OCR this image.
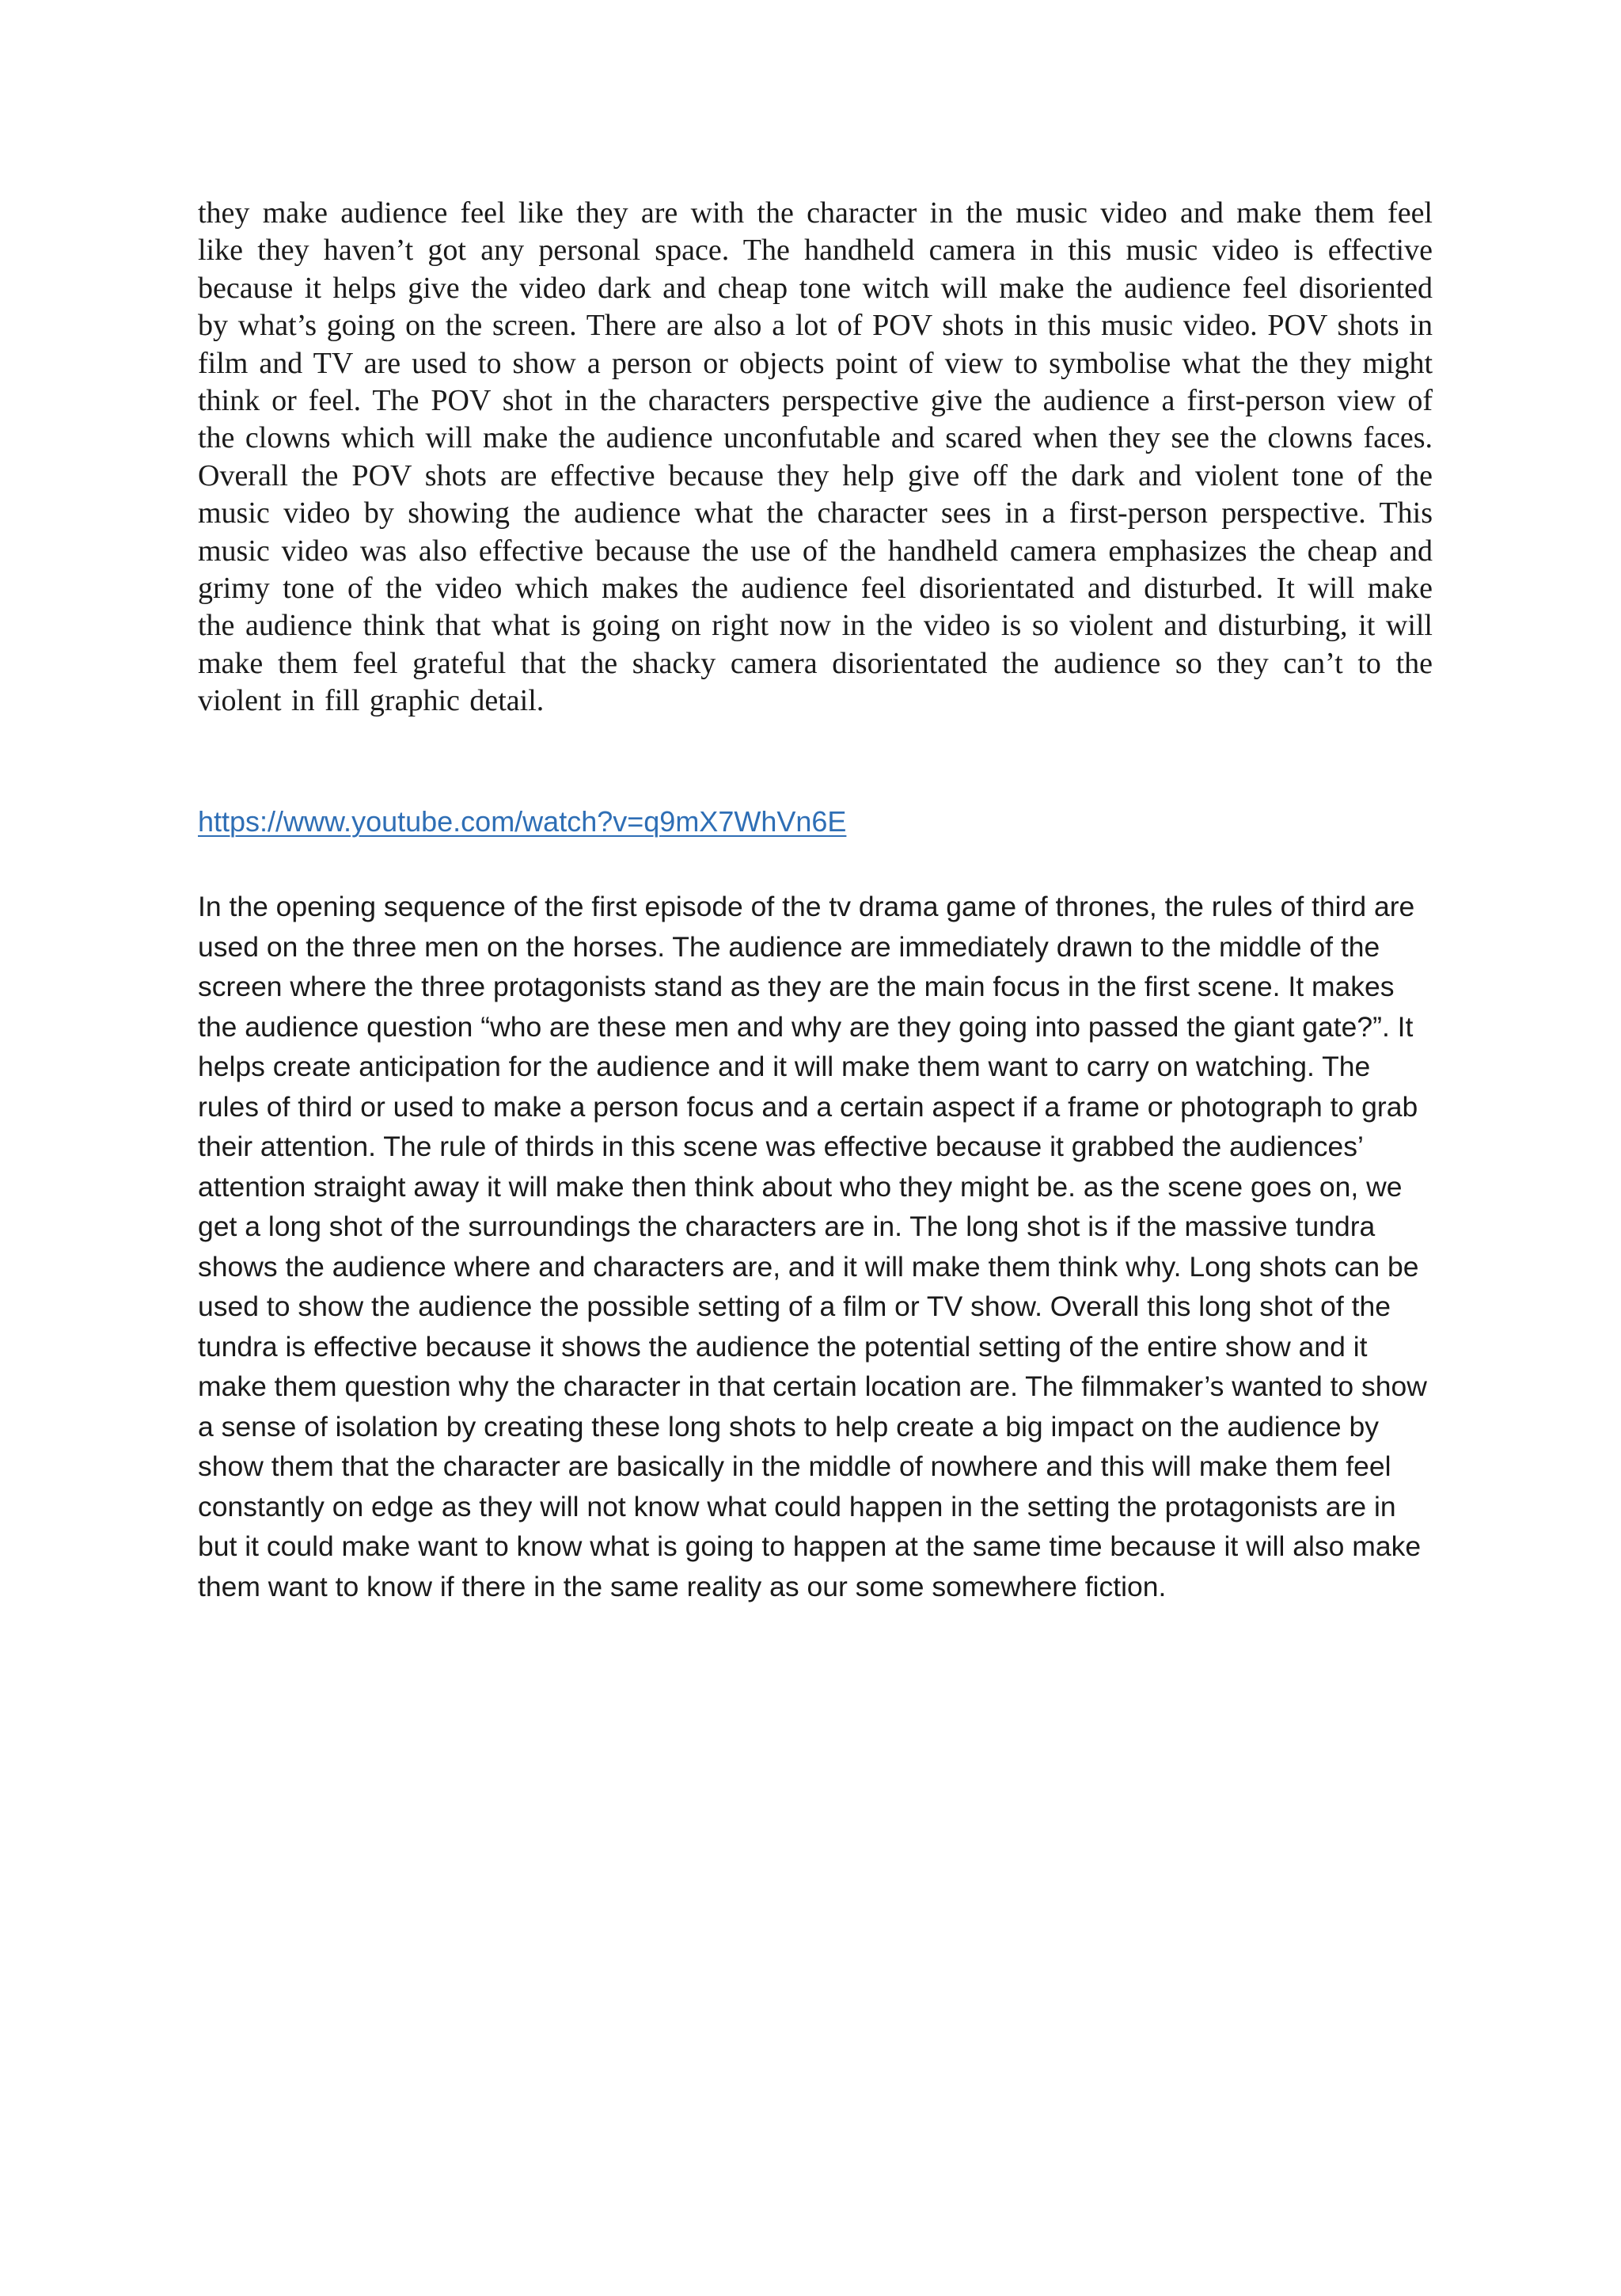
they make audience feel like they are with the character in the music video and make them feel like they haven’t got any personal space. The handheld camera in this music video is effective because it helps give the video dark and cheap tone witch will make the audience feel disoriented by what’s going on the screen. There are also a lot of POV shots in this music video. POV shots in film and TV are used to show a person or objects point of view to symbolise what the they might think or feel. The POV shot in the characters perspective give the audience a first-person view of the clowns which will make the audience unconfutable and scared when they see the clowns faces. Overall the POV shots are effective because they help give off the dark and violent tone of the music video by showing the audience what the character sees in a first-person perspective. This music video was also effective because the use of the handheld camera emphasizes the cheap and grimy tone of the video which makes the audience feel disorientated and disturbed. It will make the audience think that what is going on right now in the video is so violent and disturbing, it will make them feel grateful that the shacky camera disorientated the audience so they can’t to the violent in fill graphic detail.

https://www.youtube.com/watch?v=q9mX7WhVn6E

In the opening sequence of the first episode of the tv drama game of thrones, the rules of third are used on the three men on the horses. The audience are immediately drawn to the middle of the screen where the three protagonists stand as they are the main focus in the first scene. It makes the audience question “who are these men and why are they going into passed the giant gate?”. It helps create anticipation for the audience and it will make them want to carry on watching. The rules of third or used to make a person focus and a certain aspect if a frame or photograph to grab their attention. The rule of thirds in this scene was effective because it grabbed the audiences’ attention straight away it will make then think about who they might be. as the scene goes on, we get a long shot of the surroundings the characters are in. The long shot is if the massive tundra shows the audience where and characters are, and it will make them think why. Long shots can be used to show the audience the possible setting of a film or TV show. Overall this long shot of the tundra is effective because it shows the audience the potential setting of the entire show and it make them question why the character in that certain location are. The filmmaker’s wanted to show a sense of isolation by creating these long shots to help create a big impact on the audience by show them that the character are basically in the middle of nowhere and this will make them feel constantly on edge as they will not know what could happen in the setting the protagonists are in but it could make want to know what is going to happen at the same time because it will also make them want to know if there in the same reality as our some somewhere fiction.
